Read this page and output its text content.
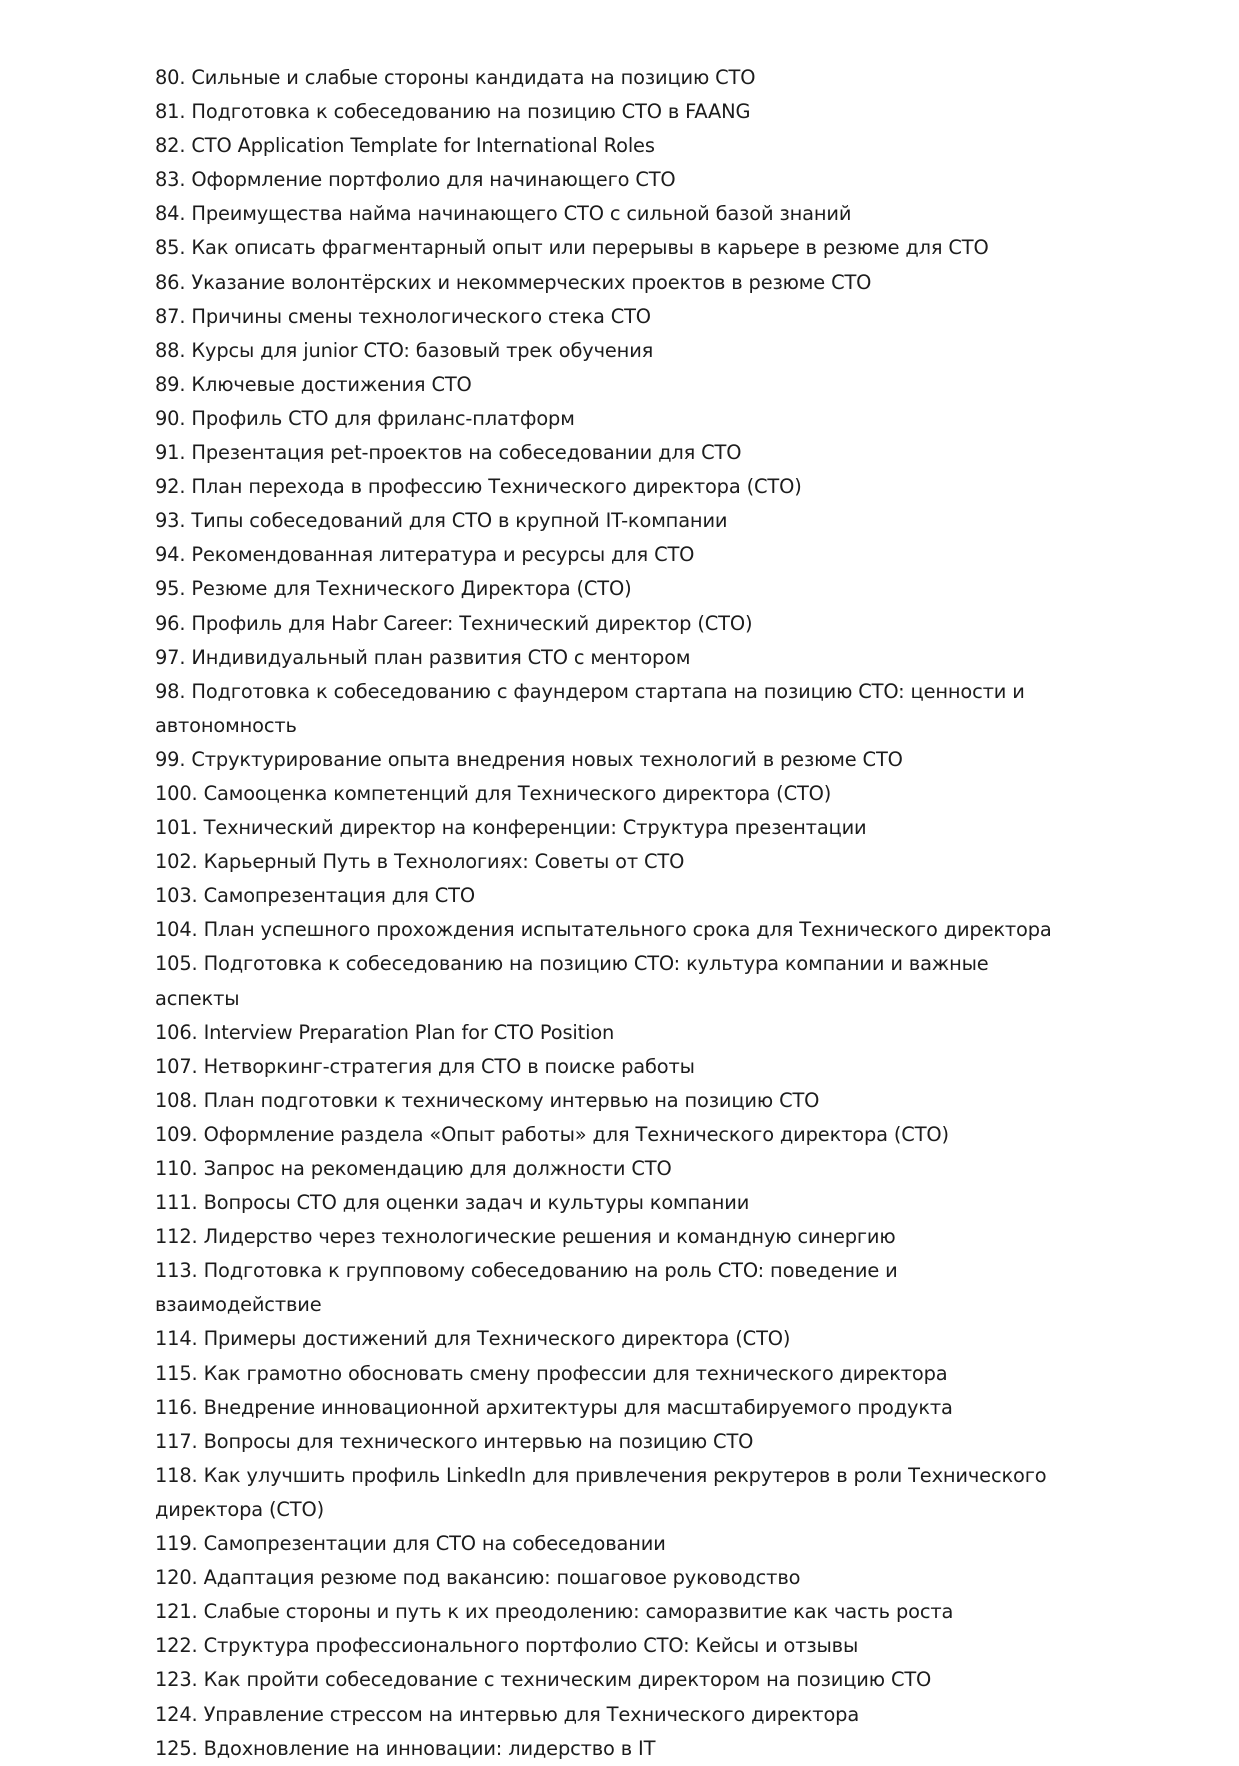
80. Сильные и слабые стороны кандидата на позицию CTO
81. Подготовка к собеседованию на позицию CTO в FAANG
82. CTO Application Template for International Roles
83. Оформление портфолио для начинающего CTO
84. Преимущества найма начинающего CTO с сильной базой знаний
85. Как описать фрагментарный опыт или перерывы в карьере в резюме для CTO
86. Указание волонтёрских и некоммерческих проектов в резюме CTO
87. Причины смены технологического стека CTO
88. Курсы для junior CTO: базовый трек обучения
89. Ключевые достижения CTO
90. Профиль CTO для фриланс-платформ
91. Презентация pet-проектов на собеседовании для CTO
92. План перехода в профессию Технического директора (CTO)
93. Типы собеседований для CTO в крупной IT-компании
94. Рекомендованная литература и ресурсы для CTO
95. Резюме для Технического Директора (CTO)
96. Профиль для Habr Career: Технический директор (CTO)
97. Индивидуальный план развития CTO с ментором
98. Подготовка к собеседованию с фаундером стартапа на позицию CTO: ценности и автономность
99. Структурирование опыта внедрения новых технологий в резюме CTO
100. Самооценка компетенций для Технического директора (CTO)
101. Технический директор на конференции: Структура презентации
102. Карьерный Путь в Технологиях: Советы от CTO
103. Самопрезентация для CTO
104. План успешного прохождения испытательного срока для Технического директора
105. Подготовка к собеседованию на позицию CTO: культура компании и важные аспекты
106. Interview Preparation Plan for CTO Position
107. Нетворкинг-стратегия для CTO в поиске работы
108. План подготовки к техническому интервью на позицию CTO
109. Оформление раздела «Опыт работы» для Технического директора (CTO)
110. Запрос на рекомендацию для должности CTO
111. Вопросы CTO для оценки задач и культуры компании
112. Лидерство через технологические решения и командную синергию
113. Подготовка к групповому собеседованию на роль CTO: поведение и взаимодействие
114. Примеры достижений для Технического директора (CTO)
115. Как грамотно обосновать смену профессии для технического директора
116. Внедрение инновационной архитектуры для масштабируемого продукта
117. Вопросы для технического интервью на позицию CTO
118. Как улучшить профиль LinkedIn для привлечения рекрутеров в роли Технического директора (CTO)
119. Самопрезентации для CTO на собеседовании
120. Адаптация резюме под вакансию: пошаговое руководство
121. Слабые стороны и путь к их преодолению: саморазвитие как часть роста
122. Структура профессионального портфолио CTO: Кейсы и отзывы
123. Как пройти собеседование с техническим директором на позицию CTO
124. Управление стрессом на интервью для Технического директора
125. Вдохновление на инновации: лидерство в IT
